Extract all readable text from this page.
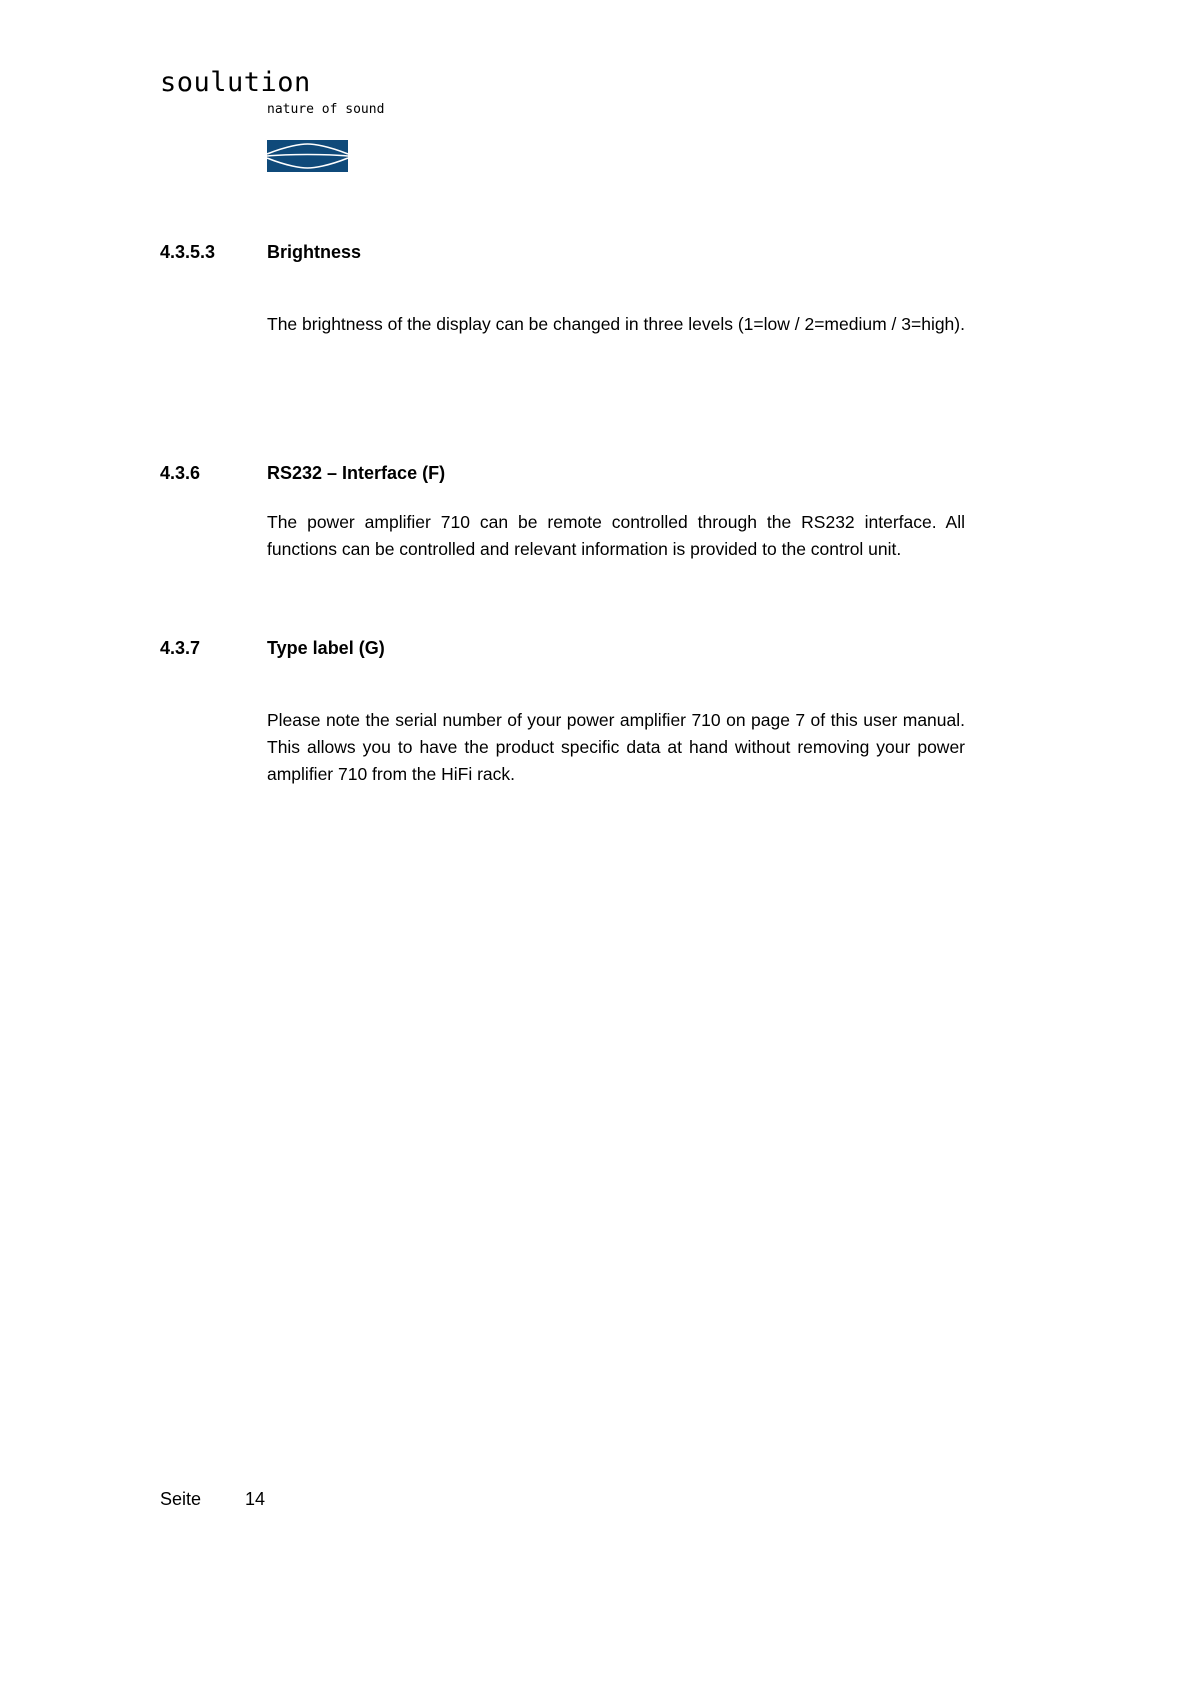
soulution
nature of sound
4.3.5.3	Brightness
The brightness of the display can be changed in three levels (1=low / 2=medium / 3=high).
4.3.6	RS232 – Interface (F)
The power amplifier 710 can be remote controlled through the RS232 interface. All functions can be controlled and relevant information is provided to the control unit.
4.3.7	Type label (G)
Please note the serial number of your power amplifier 710 on page 7 of this user manual. This allows you to have the product specific data at hand without removing your power amplifier 710 from the HiFi rack.
Seite 14
